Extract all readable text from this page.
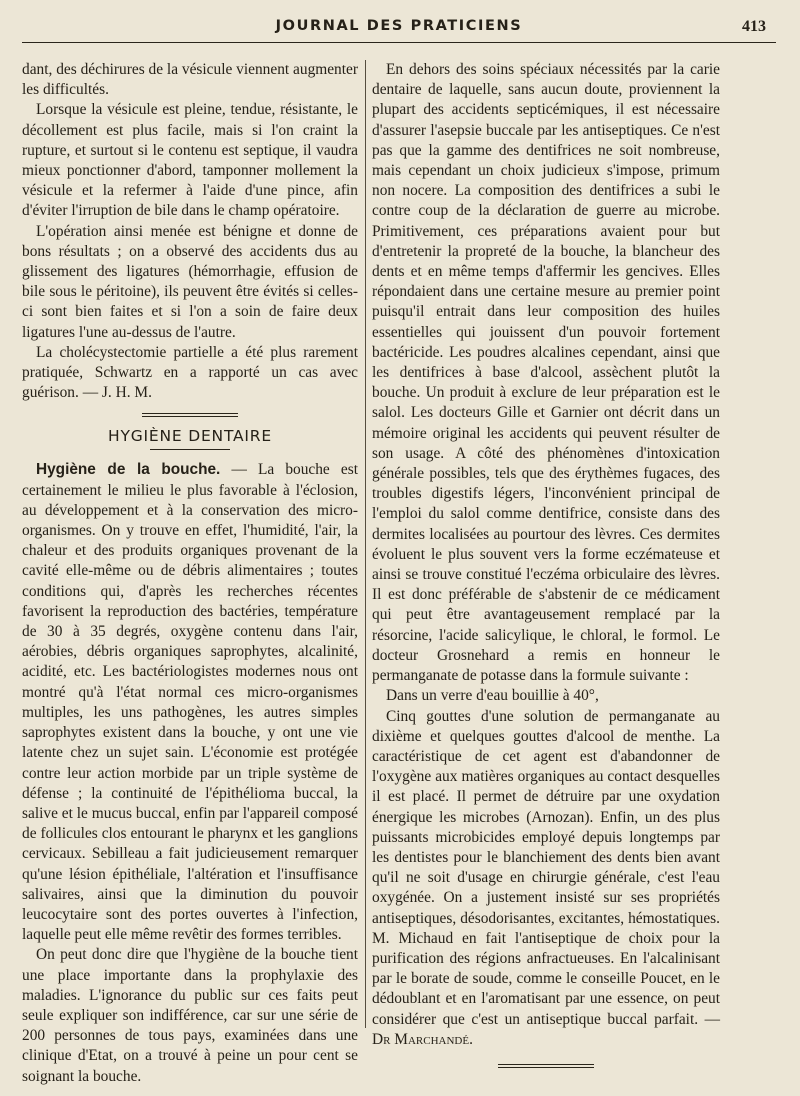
JOURNAL DES PRATICIENS	413

dant, des déchirures de la vésicule viennent augmenter les difficultés.

Lorsque la vésicule est pleine, tendue, résistante, le décollement est plus facile, mais si l'on craint la rupture, et surtout si le contenu est septique, il vaudra mieux ponctionner d'abord, tamponner mollement la vésicule et la refermer à l'aide d'une pince, afin d'éviter l'irruption de bile dans le champ opératoire.

L'opération ainsi menée est bénigne et donne de bons résultats ; on a observé des accidents dus au glissement des ligatures (hémorrhagie, effusion de bile sous le péritoine), ils peuvent être évités si celles-ci sont bien faites et si l'on a soin de faire deux ligatures l'une au-dessus de l'autre.

La cholécystectomie partielle a été plus rarement pratiquée, Schwartz en a rapporté un cas avec guérison. — J. H. M.

HYGIÈNE DENTAIRE

Hygiène de la bouche. — La bouche est certainement le milieu le plus favorable à l'éclosion, au développement et à la conservation des micro-organismes. On y trouve en effet, l'humidité, l'air, la chaleur et des produits organiques provenant de la cavité elle-même ou de débris alimentaires ; toutes conditions qui, d'après les recherches récentes favorisent la reproduction des bactéries, température de 30 à 35 degrés, oxygène contenu dans l'air, aérobies, débris organiques saprophytes, alcalinité, acidité, etc. Les bactériologistes modernes nous ont montré qu'à l'état normal ces micro-organismes multiples, les uns pathogènes, les autres simples saprophytes existent dans la bouche, y ont une vie latente chez un sujet sain. L'économie est protégée contre leur action morbide par un triple système de défense ; la continuité de l'épithélioma buccal, la salive et le mucus buccal, enfin par l'appareil composé de follicules clos entourant le pharynx et les ganglions cervicaux. Sebilleau a fait judicieusement remarquer qu'une lésion épithéliale, l'altération et l'insuffisance salivaires, ainsi que la diminution du pouvoir leucocytaire sont des portes ouvertes à l'infection, laquelle peut elle même revêtir des formes terribles.

On peut donc dire que l'hygiène de la bouche tient une place importante dans la prophylaxie des maladies. L'ignorance du public sur ces faits peut seule expliquer son indifférence, car sur une série de 200 personnes de tous pays, examinées dans une clinique d'Etat, on a trouvé à peine un pour cent se soignant la bouche.

En dehors des soins spéciaux nécessités par la carie dentaire de laquelle, sans aucun doute, proviennent la plupart des accidents septicémiques, il est nécessaire d'assurer l'asepsie buccale par les antiseptiques. Ce n'est pas que la gamme des dentifrices ne soit nombreuse, mais cependant un choix judicieux s'impose, primum non nocere. La composition des dentifrices a subi le contre coup de la déclaration de guerre au microbe. Primitivement, ces préparations avaient pour but d'entretenir la propreté de la bouche, la blancheur des dents et en même temps d'affermir les gencives. Elles répondaient dans une certaine mesure au premier point puisqu'il entrait dans leur composition des huiles essentielles qui jouissent d'un pouvoir fortement bactéricide. Les poudres alcalines cependant, ainsi que les dentifrices à base d'alcool, assèchent plutôt la bouche. Un produit à exclure de leur préparation est le salol. Les docteurs Gille et Garnier ont décrit dans un mémoire original les accidents qui peuvent résulter de son usage. A côté des phénomènes d'intoxication générale possibles, tels que des érythèmes fugaces, des troubles digestifs légers, l'inconvénient principal de l'emploi du salol comme dentifrice, consiste dans des dermites localisées au pourtour des lèvres. Ces dermites évoluent le plus souvent vers la forme eczémateuse et ainsi se trouve constitué l'eczéma orbiculaire des lèvres. Il est donc préférable de s'abstenir de ce médicament qui peut être avantageusement remplacé par la résorcine, l'acide salicylique, le chloral, le formol. Le docteur Grosnehard a remis en honneur le permanganate de potasse dans la formule suivante :

Dans un verre d'eau bouillie à 40°,

Cinq gouttes d'une solution de permanganate au dixième et quelques gouttes d'alcool de menthe. La caractéristique de cet agent est d'abandonner de l'oxygène aux matières organiques au contact desquelles il est placé. Il permet de détruire par une oxydation énergique les microbes (Arnozan). Enfin, un des plus puissants microbicides employé depuis longtemps par les dentistes pour le blanchiement des dents bien avant qu'il ne soit d'usage en chirurgie générale, c'est l'eau oxygénée. On a justement insisté sur ses propriétés antiseptiques, désodorisantes, excitantes, hémostatiques. M. Michaud en fait l'antiseptique de choix pour la purification des régions anfractueuses. En l'alcalinisant par le borate de soude, comme le conseille Poucet, en le dédoublant et en l'aromatisant par une essence, on peut considérer que c'est un antiseptique buccal parfait. — Dr Marchandé.
